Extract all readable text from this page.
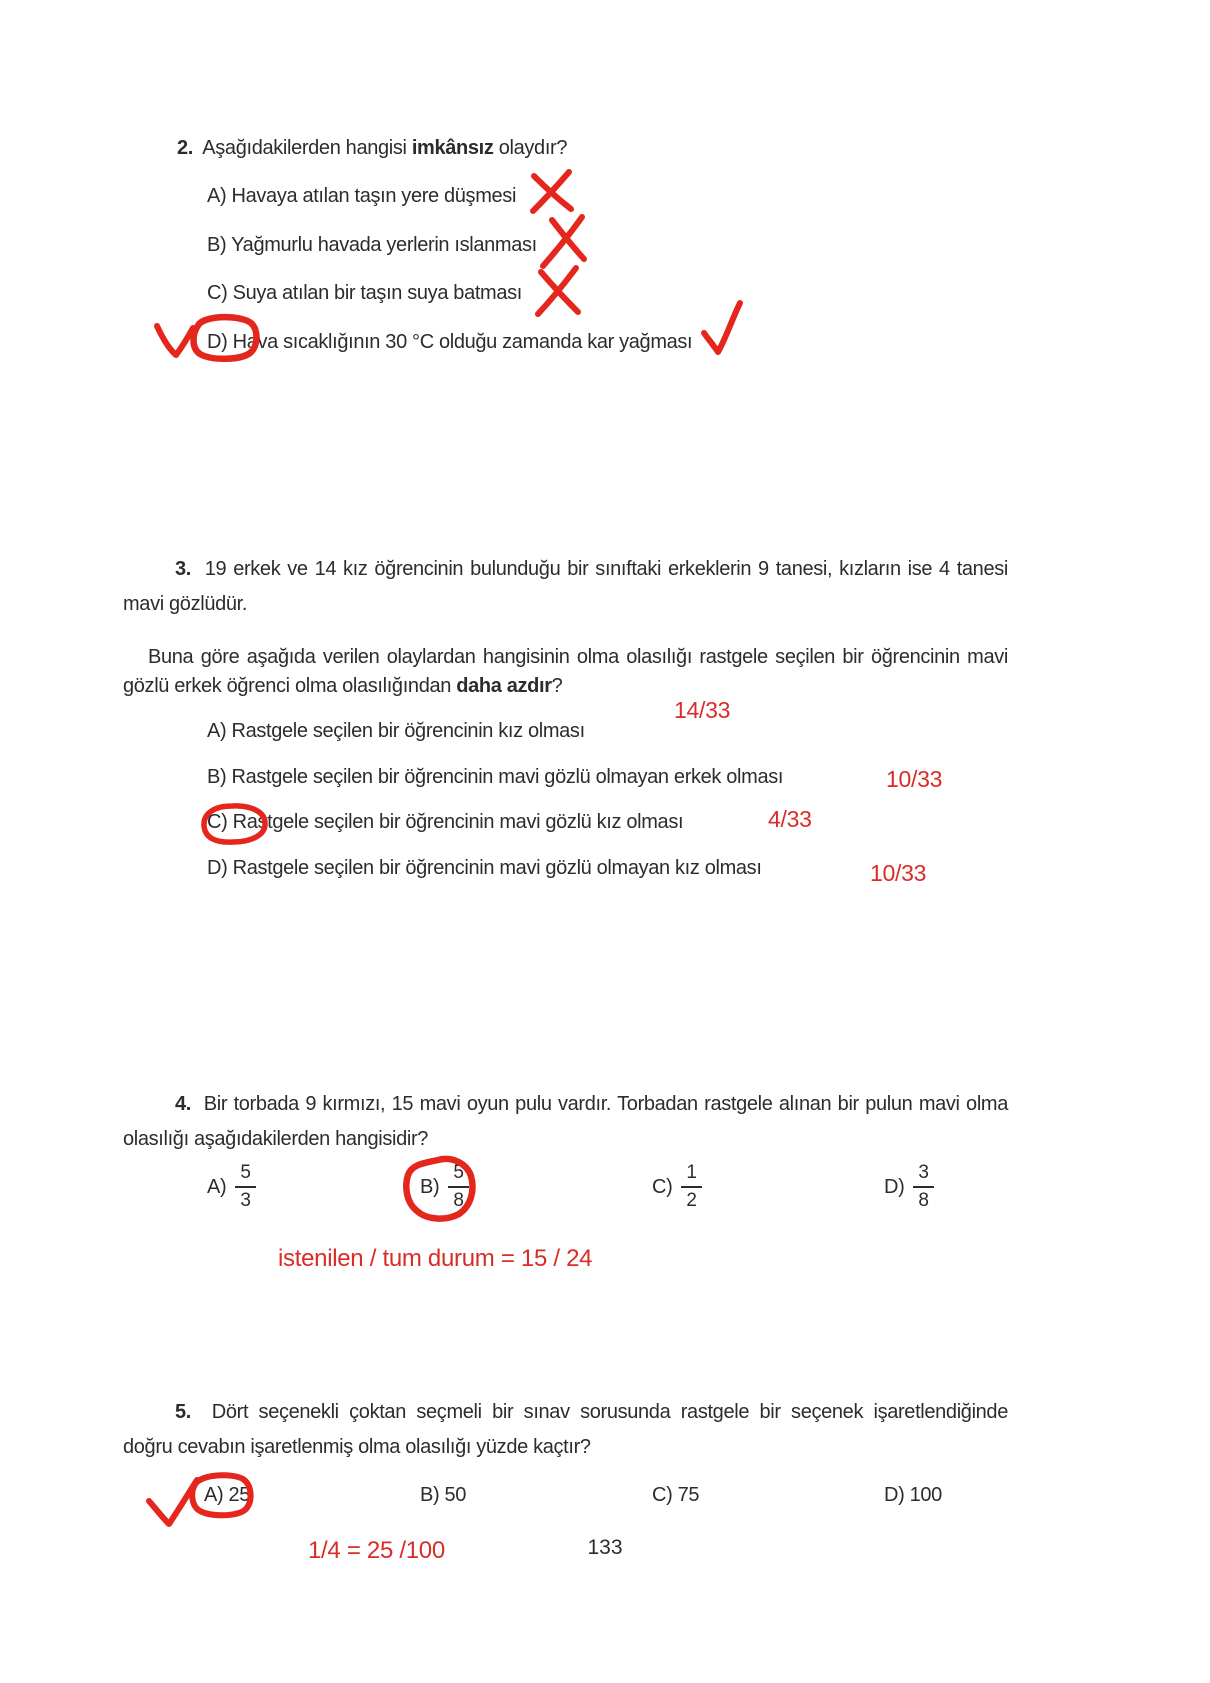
2. Aşağıdakilerden hangisi imkânsız olaydır?
A) Havaya atılan taşın yere düşmesi
B) Yağmurlu havada yerlerin ıslanması
C) Suya atılan bir taşın suya batması
D) Hava sıcaklığının 30 °C olduğu zamanda kar yağması
3. 19 erkek ve 14 kız öğrencinin bulunduğu bir sınıftaki erkeklerin 9 tanesi, kızların ise 4 tanesi
mavi gözlüdür.
Buna göre aşağıda verilen olaylardan hangisinin olma olasılığı rastgele seçilen bir öğrencinin mavi
gözlü erkek öğrenci olma olasılığından daha azdır?
14/33
A) Rastgele seçilen bir öğrencinin kız olması
B) Rastgele seçilen bir öğrencinin mavi gözlü olmayan erkek olması
C) Rastgele seçilen bir öğrencinin mavi gözlü kız olması
D) Rastgele seçilen bir öğrencinin mavi gözlü olmayan kız olması
10/33
4/33
10/33
4. Bir torbada 9 kırmızı, 15 mavi oyun pulu vardır. Torbadan rastgele alınan bir pulun mavi olma
olasılığı aşağıdakilerden hangisidir?
$A) \frac{5}{3}$	$B) \frac{5}{8}$	$C) \frac{1}{2}$	$D) \frac{3}{8}$
istenilen / tum durum = 15 / 24
5. Dört seçenekli çoktan seçmeli bir sınav sorusunda rastgele bir seçenek işaretlendiğinde
doğru cevabın işaretlenmiş olma olasılığı yüzde kaçtır?
A) 25	B) 50	C) 75	D) 100
1/4 = 25 /100	133
